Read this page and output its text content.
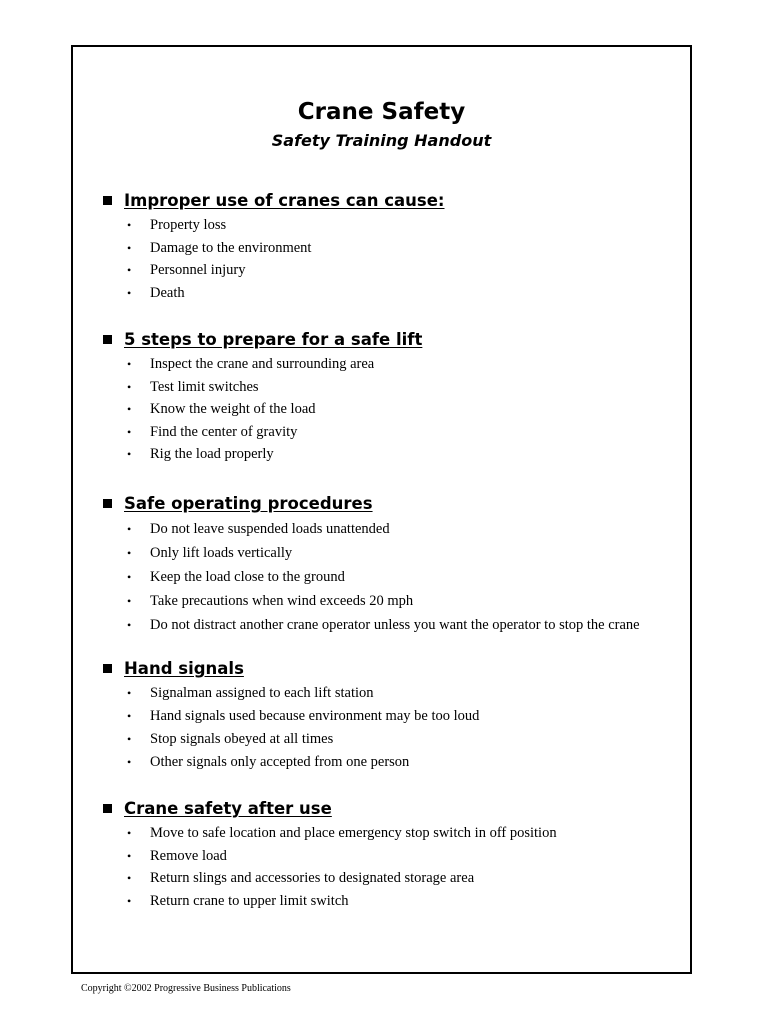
Crane Safety
Safety Training Handout
Improper use of cranes can cause:
• Property loss
• Damage to the environment
• Personnel injury
• Death
5 steps to prepare for a safe lift
• Inspect the crane and surrounding area
• Test limit switches
• Know the weight of the load
• Find the center of gravity
• Rig the load properly
Safe operating procedures
• Do not leave suspended loads unattended
• Only lift loads vertically
• Keep the load close to the ground
• Take precautions when wind exceeds 20 mph
• Do not distract another crane operator unless you want the operator to stop the crane
Hand signals
• Signalman assigned to each lift station
• Hand signals used because environment may be too loud
• Stop signals obeyed at all times
• Other signals only accepted from one person
Crane safety after use
• Move to safe location and place emergency stop switch in off position
• Remove load
• Return slings and accessories to designated storage area
• Return crane to upper limit switch
Copyright ©2002 Progressive Business Publications
